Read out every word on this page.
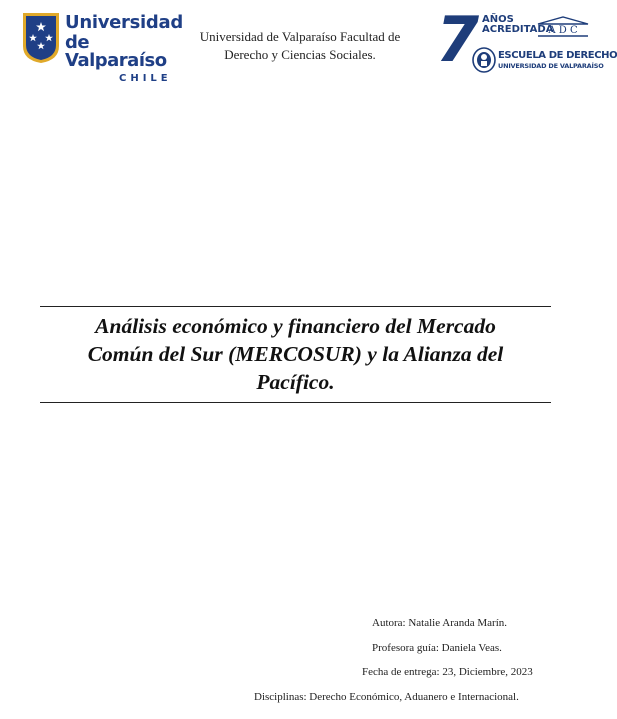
Universidad
de Valparaíso
CHILE
Universidad de Valparaíso Facultad de
Derecho y Ciencias Sociales. 7 AÑOS
ACREDITADA
A D C
ESCUELA DE DERECHO
UNIVERSIDAD DE VALPARAÍSO
Análisis económico y financiero del Mercado
Común del Sur (MERCOSUR) y la Alianza del
Pacífico.
Autora: Natalie Aranda Marín.
Profesora guía: Daniela Veas.
Fecha de entrega: 23, Diciembre, 2023
Disciplinas: Derecho Económico, Aduanero e Internacional.
